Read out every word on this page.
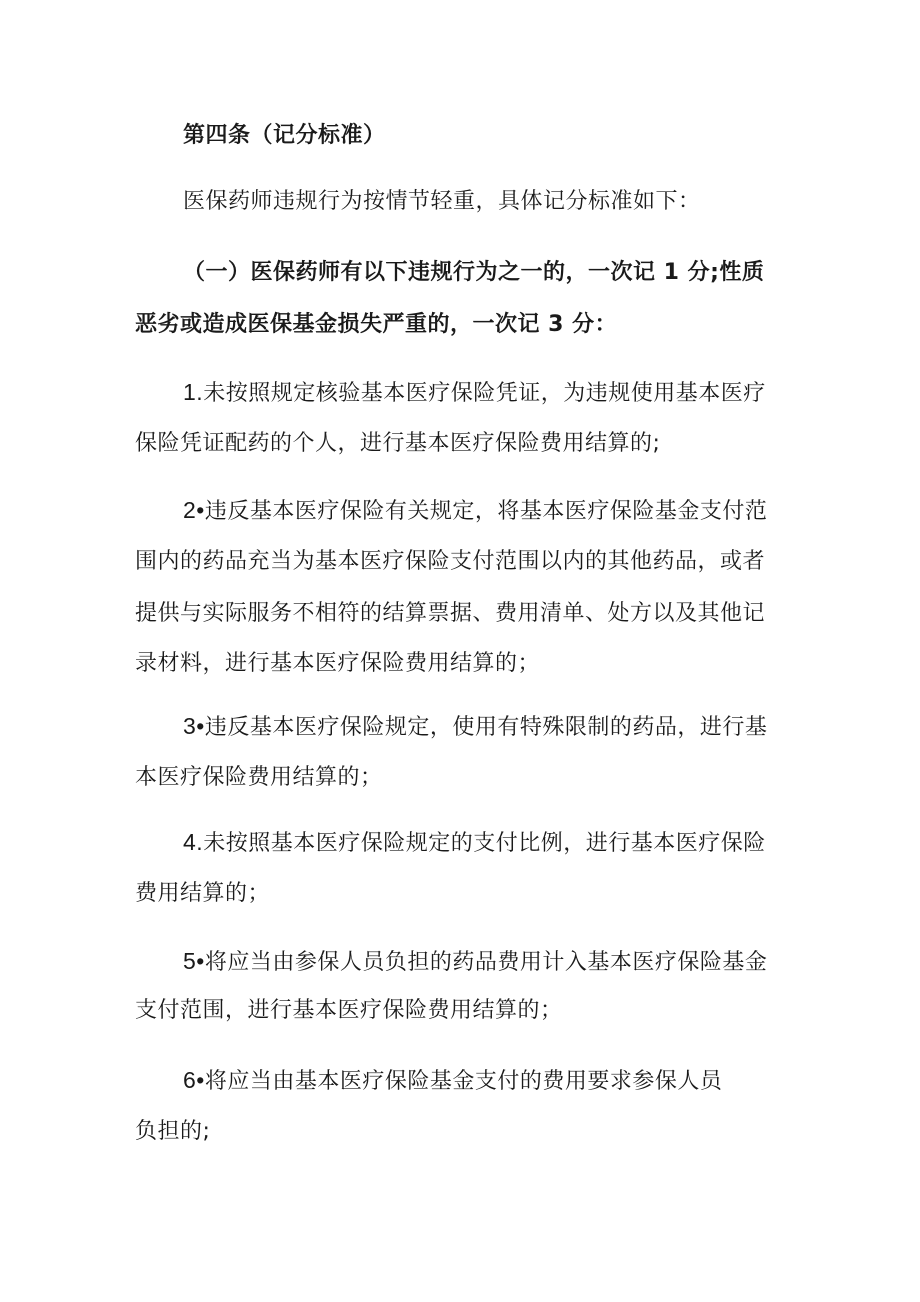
第四条（记分标准）
医保药师违规行为按情节轻重，具体记分标准如下：
（一）医保药师有以下违规行为之一的，一次记 1 分;性质
恶劣或造成医保基金损失严重的，一次记 3 分：
1.未按照规定核验基本医疗保险凭证，为违规使用基本医疗
保险凭证配药的个人，进行基本医疗保险费用结算的;
2•违反基本医疗保险有关规定，将基本医疗保险基金支付范
围内的药品充当为基本医疗保险支付范围以内的其他药品，或者
提供与实际服务不相符的结算票据、费用清单、处方以及其他记
录材料，进行基本医疗保险费用结算的；
3•违反基本医疗保险规定，使用有特殊限制的药品，进行基
本医疗保险费用结算的；
4.未按照基本医疗保险规定的支付比例，进行基本医疗保险
费用结算的；
5•将应当由参保人员负担的药品费用计入基本医疗保险基金
支付范围，进行基本医疗保险费用结算的；
6•将应当由基本医疗保险基金支付的费用要求参保人员
负担的;
